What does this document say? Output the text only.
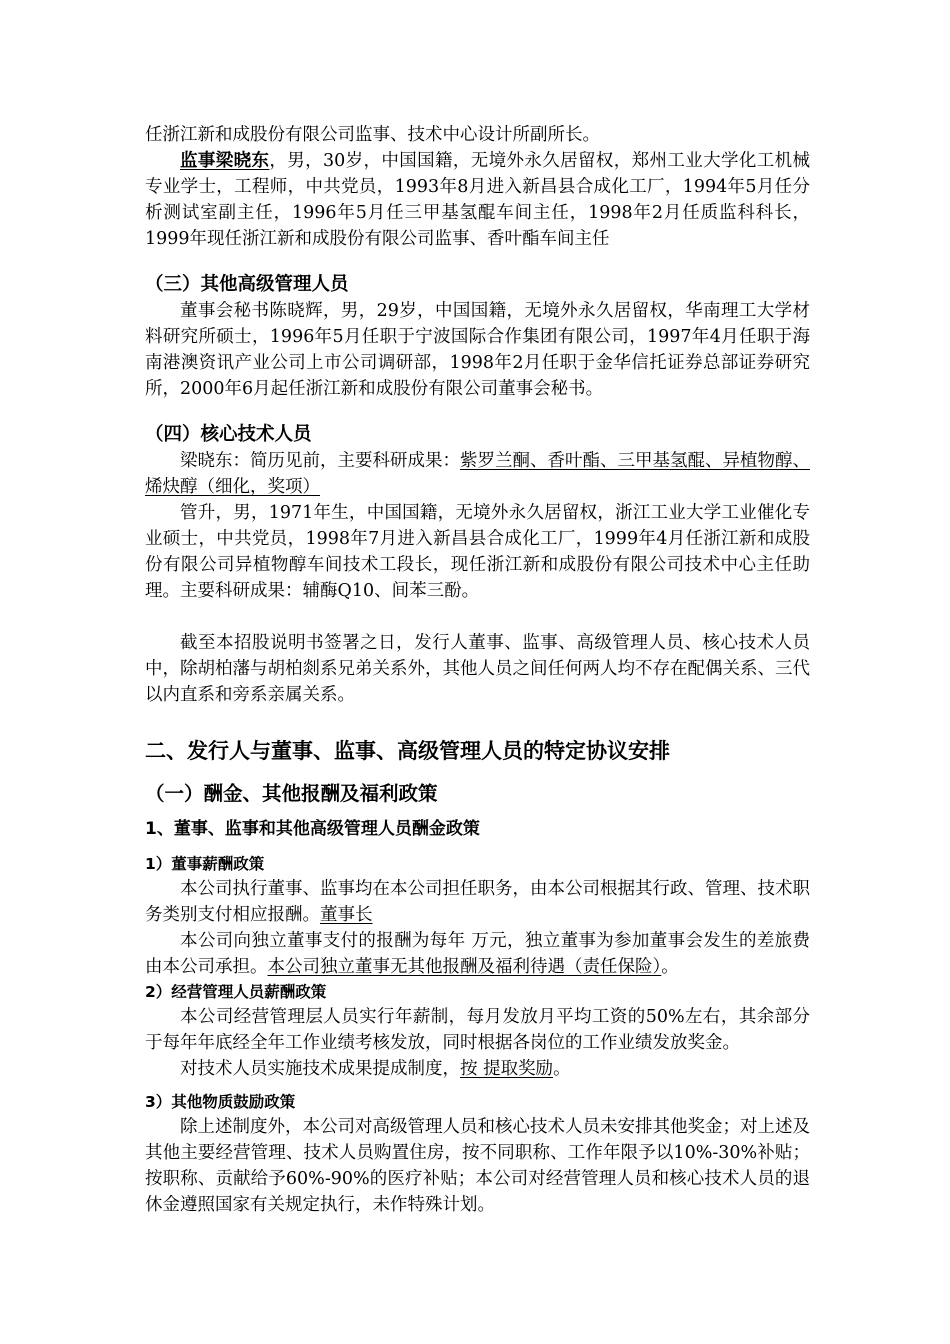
任浙江新和成股份有限公司监事、技术中心设计所副所长。

监事梁晓东，男，30岁，中国国籍，无境外永久居留权，郑州工业大学化工机械专业学士，工程师，中共党员，1993年8月进入新昌县合成化工厂，1994年5月任分析测试室副主任，1996年5月任三甲基氢醌车间主任，1998年2月任质监科科长，1999年现任浙江新和成股份有限公司监事、香叶酯车间主任

（三）其他高级管理人员

董事会秘书陈晓辉，男，29岁，中国国籍，无境外永久居留权，华南理工大学材料研究所硕士，1996年5月任职于宁波国际合作集团有限公司，1997年4月任职于海南港澳资讯产业公司上市公司调研部，1998年2月任职于金华信托证券总部证券研究所，2000年6月起任浙江新和成股份有限公司董事会秘书。

（四）核心技术人员

梁晓东：简历见前，主要科研成果：紫罗兰酮、香叶酯、三甲基氢醌、异植物醇、烯炔醇（细化，奖项）

管升，男，1971年生，中国国籍，无境外永久居留权，浙江工业大学工业催化专业硕士，中共党员，1998年7月进入新昌县合成化工厂，1999年4月任浙江新和成股份有限公司异植物醇车间技术工段长，现任浙江新和成股份有限公司技术中心主任助理。主要科研成果：辅酶Q10、间苯三酚。

截至本招股说明书签署之日，发行人董事、监事、高级管理人员、核心技术人员中，除胡柏藩与胡柏剡系兄弟关系外，其他人员之间任何两人均不存在配偶关系、三代以内直系和旁系亲属关系。

二、发行人与董事、监事、高级管理人员的特定协议安排

（一）酬金、其他报酬及福利政策

1、董事、监事和其他高级管理人员酬金政策

1）董事薪酬政策

本公司执行董事、监事均在本公司担任职务，由本公司根据其行政、管理、技术职务类别支付相应报酬。董事长

本公司向独立董事支付的报酬为每年 万元，独立董事为参加董事会发生的差旅费由本公司承担。本公司独立董事无其他报酬及福利待遇（责任保险）。

2）经营管理人员薪酬政策

本公司经营管理层人员实行年薪制，每月发放月平均工资的50%左右，其余部分于每年年底经全年工作业绩考核发放，同时根据各岗位的工作业绩发放奖金。

对技术人员实施技术成果提成制度，按 提取奖励。

3）其他物质鼓励政策

除上述制度外，本公司对高级管理人员和核心技术人员未安排其他奖金；对上述及其他主要经营管理、技术人员购置住房，按不同职称、工作年限予以10%-30%补贴；按职称、贡献给予60%-90%的医疗补贴；本公司对经营管理人员和核心技术人员的退休金遵照国家有关规定执行，未作特殊计划。
